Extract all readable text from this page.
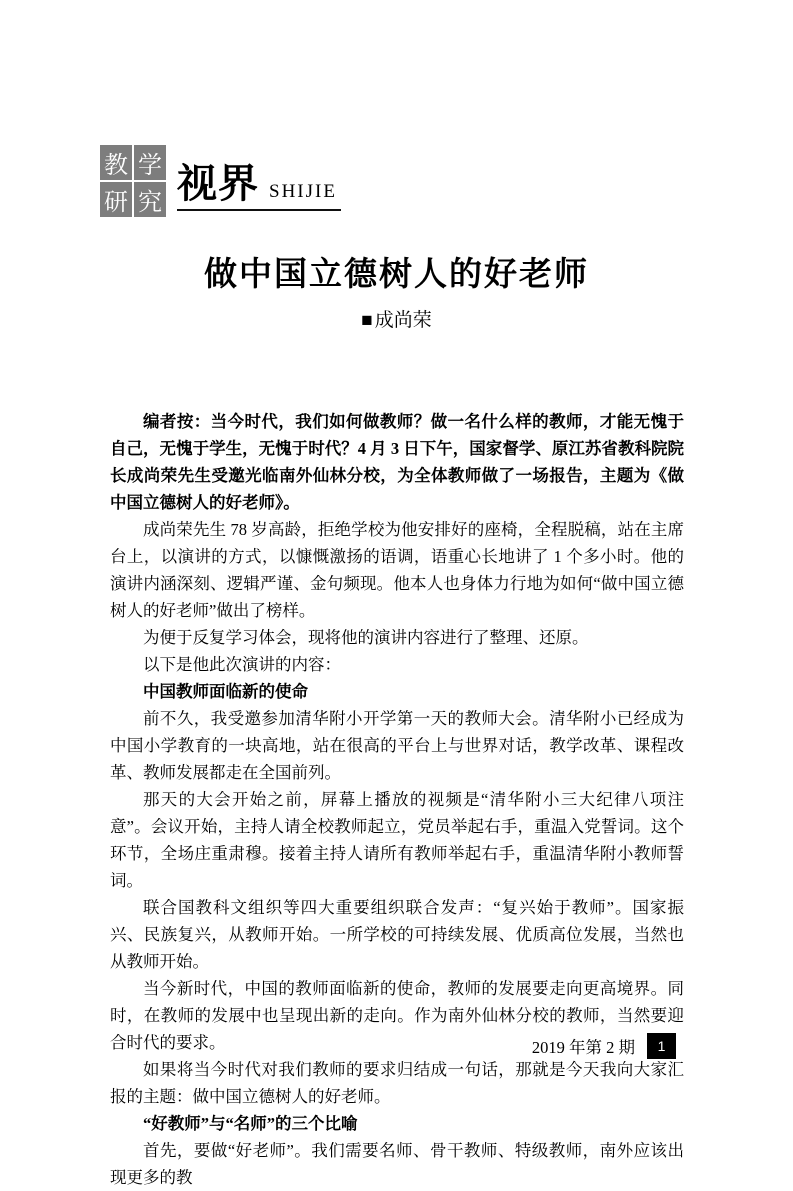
教 学
研 究 视界 SHIJIE
做中国立德树人的好老师
■ 成尚荣

编者按：当今时代，我们如何做教师？做一名什么样的教师，才能无愧于自己，无愧于学生，无愧于时代？4 月 3 日下午，国家督学、原江苏省教科院院长成尚荣先生受邀光临南外仙林分校，为全体教师做了一场报告，主题为《做中国立德树人的好老师》。

成尚荣先生 78 岁高龄，拒绝学校为他安排好的座椅，全程脱稿，站在主席台上，以演讲的方式，以慷慨激扬的语调，语重心长地讲了 1 个多小时。他的演讲内涵深刻、逻辑严谨、金句频现。他本人也身体力行地为如何“做中国立德树人的好老师”做出了榜样。

为便于反复学习体会，现将他的演讲内容进行了整理、还原。

以下是他此次演讲的内容：

中国教师面临新的使命

前不久，我受邀参加清华附小开学第一天的教师大会。清华附小已经成为中国小学教育的一块高地，站在很高的平台上与世界对话，教学改革、课程改革、教师发展都走在全国前列。

那天的大会开始之前，屏幕上播放的视频是“清华附小三大纪律八项注意”。会议开始，主持人请全校教师起立，党员举起右手，重温入党誓词。这个环节，全场庄重肃穆。接着主持人请所有教师举起右手，重温清华附小教师誓词。

联合国教科文组织等四大重要组织联合发声：“复兴始于教师”。国家振兴、民族复兴，从教师开始。一所学校的可持续发展、优质高位发展，当然也从教师开始。

当今新时代，中国的教师面临新的使命，教师的发展要走向更高境界。同时，在教师的发展中也呈现出新的走向。作为南外仙林分校的教师，当然要迎合时代的要求。

如果将当今时代对我们教师的要求归结成一句话，那就是今天我向大家汇报的主题：做中国立德树人的好老师。

“好教师”与“名师”的三个比喻

首先，要做“好老师”。我们需要名师、骨干教师、特级教师，南外应该出现更多的教

2019 年第 2 期	1
